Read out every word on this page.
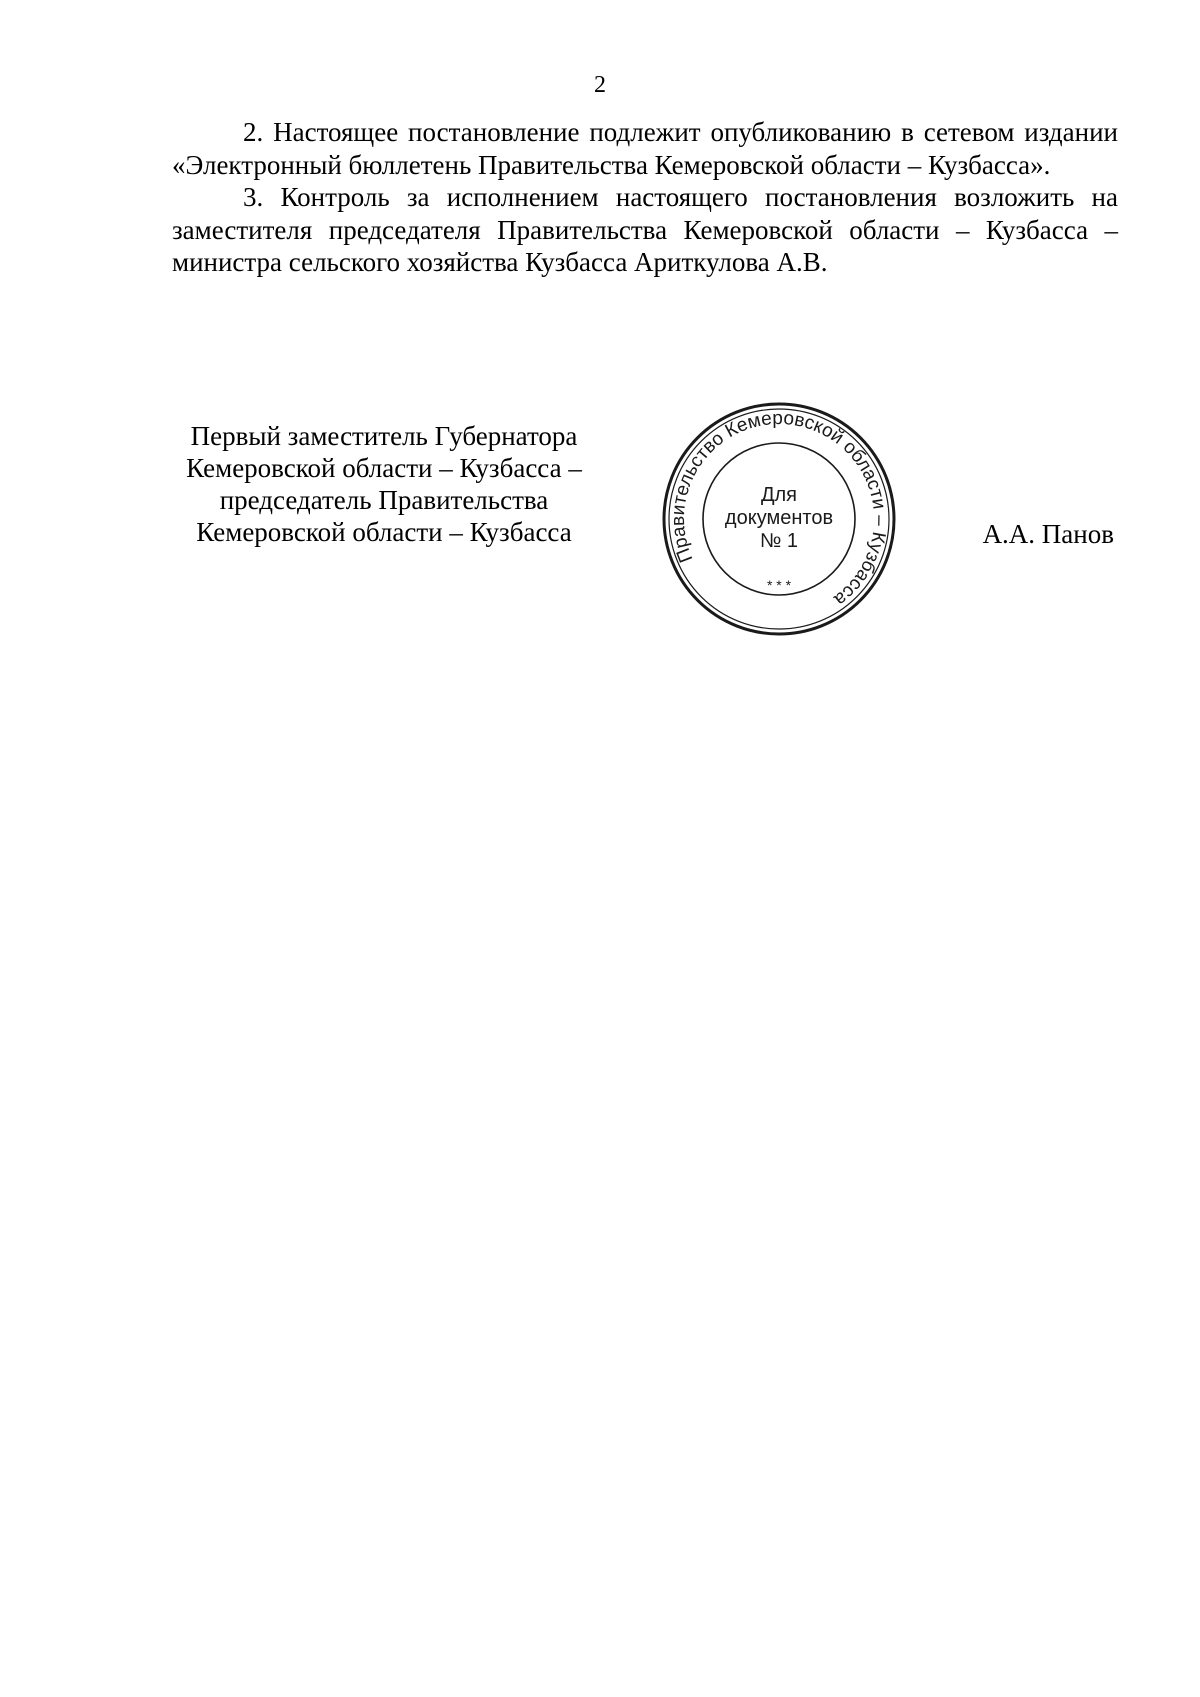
2

2. Настоящее постановление подлежит опубликованию в сетевом издании «Электронный бюллетень Правительства Кемеровской области – Кузбасса».

3. Контроль за исполнением настоящего постановления возложить на заместителя председателя Правительства Кемеровской области – Кузбасса – министра сельского хозяйства Кузбасса Ариткулова А.В.

Первый заместитель Губернатора
Кемеровской области – Кузбасса –
председатель Правительства
Кемеровской области – Кузбасса
Правительство Кемеровской области – Кузбасса
* * *
Для
документов
№ 1	А.А. Панов
